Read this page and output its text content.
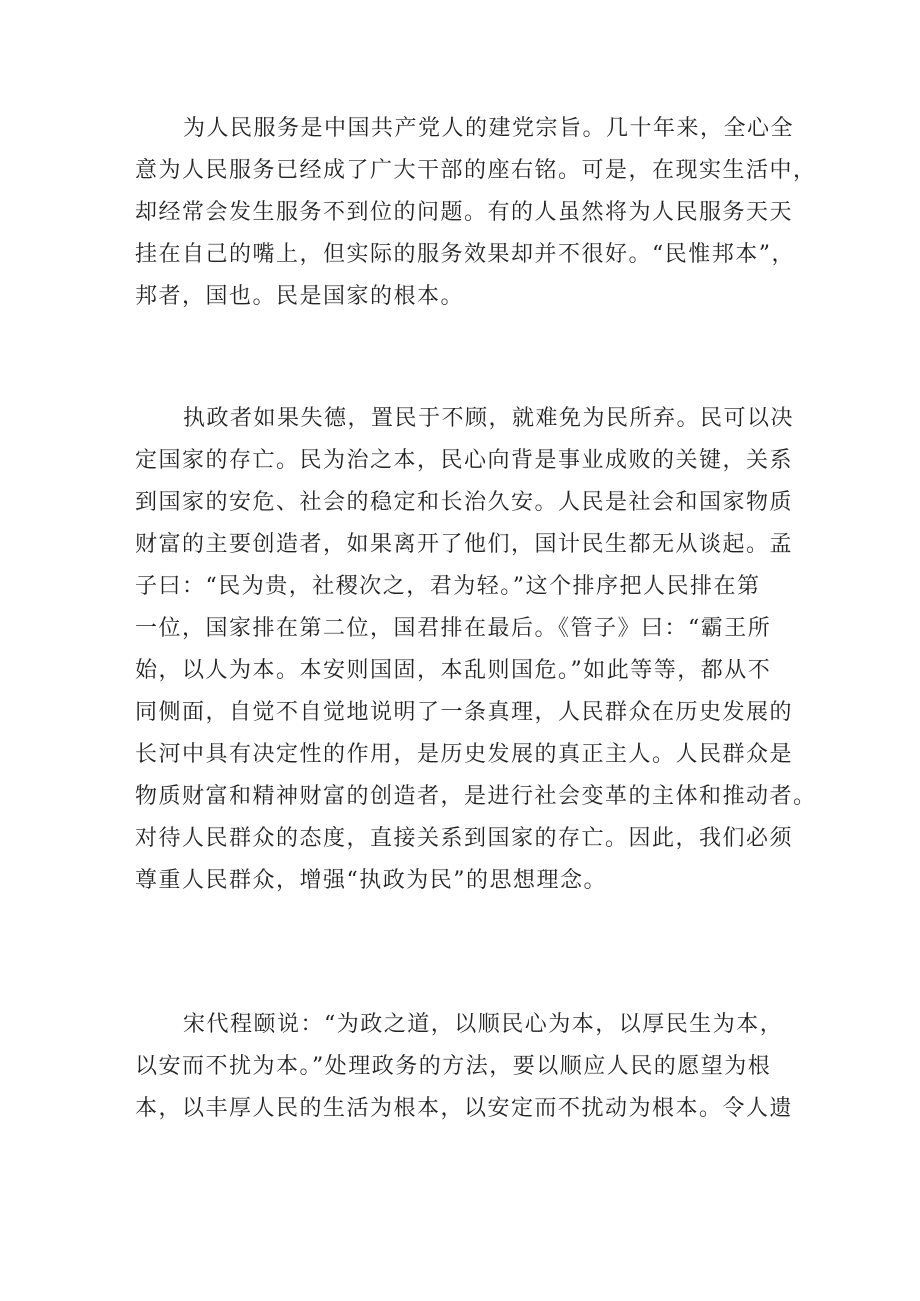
为人民服务是中国共产党人的建党宗旨。几十年来，全心全
意为人民服务已经成了广大干部的座右铭。可是，在现实生活中，
却经常会发生服务不到位的问题。有的人虽然将为人民服务天天
挂在自己的嘴上，但实际的服务效果却并不很好。“民惟邦本”，
邦者，国也。民是国家的根本。
执政者如果失德，置民于不顾，就难免为民所弃。民可以决
定国家的存亡。民为治之本，民心向背是事业成败的关键，关系
到国家的安危、社会的稳定和长治久安。人民是社会和国家物质
财富的主要创造者，如果离开了他们，国计民生都无从谈起。孟
子曰：“民为贵，社稷次之，君为轻。”这个排序把人民排在第
一位，国家排在第二位，国君排在最后。《管子》曰：“霸王所
始，以人为本。本安则国固，本乱则国危。”如此等等，都从不
同侧面，自觉不自觉地说明了一条真理，人民群众在历史发展的
长河中具有决定性的作用，是历史发展的真正主人。人民群众是
物质财富和精神财富的创造者，是进行社会变革的主体和推动者。
对待人民群众的态度，直接关系到国家的存亡。因此，我们必须
尊重人民群众，增强“执政为民”的思想理念。
宋代程颐说：“为政之道，以顺民心为本，以厚民生为本，
以安而不扰为本。”处理政务的方法，要以顺应人民的愿望为根
本，以丰厚人民的生活为根本，以安定而不扰动为根本。令人遗
